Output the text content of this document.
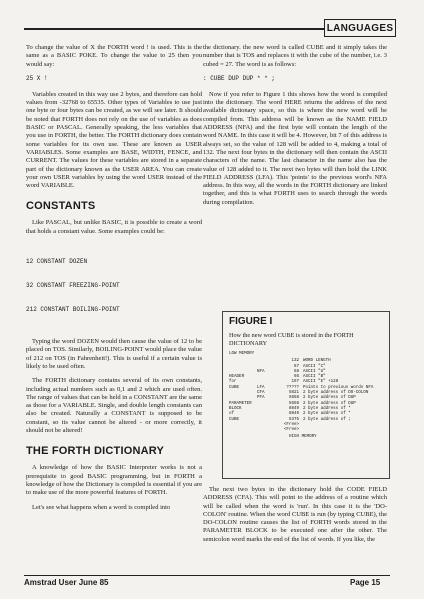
LANGUAGES

To change the value of X the FORTH word ! is used. This is the same as a BASIC POKE. To change the value to 25 then you would say:

25 X !

Variables created in this way use 2 bytes, and therefore can hold values from -32768 to 65535. Other types of Variables to use just one byte or four bytes can be created, as we will see later. It should be noted that FORTH does not rely on the use of variables as does BASIC or PASCAL. Generally speaking, the less variables that you use in FORTH, the better. The FORTH dictionary does contain some variables for its own use. These are known as USER VARIABLES. Some examples are BASE, WIDTH, FENCE, and CURRENT. The values for these variables are stored in a separate part of the dictionary known as the USER AREA. You can create your own USER variables by using the word USER instead of the word VARIABLE.

CONSTANTS

Like PASCAL, but unlike BASIC, it is possible to create a word that holds a constant value. Some examples could be:

12 CONSTANT DOZEN

32 CONSTANT FREEZING-POINT

212 CONSTANT BOILING-POINT

Typing the word DOZEN would then cause the value of 12 to be placed on TOS. Similarly, BOILING-POINT would place the value of 212 on TOS (in Fahrenheit!). This is useful if a certain value is likely to be used often.

The FORTH dictionary contains several of its own constants, including actual numbers such as 0,1 and 2 which are used often. The range of values that can be held in a CONSTANT are the same as those for a VARIABLE. Single, and double length constants can also be created. Naturally a CONSTANT is supposed to be constant, so its value cannot be altered - or more correctly, it should not be altered!

THE FORTH DICTIONARY

A knowledge of how the BASIC Interpreter works is not a prerequisite to good BASIC programming, but in FORTH a knowledge of how the Dictionary is compiled is essential if you are to make use of the more powerful features of FORTH.

Let's see what happens when a word is compiled into

the dictionary. the new word is called CUBE and it simply takes the number that is TOS and replaces it with the cube of the number, i.e. 3 cubed = 27. The word is as follows:

: CUBE DUP DUP * * ;

Now if you refer to Figure 1 this shows how the word is compiled into the dictionary. The word HERE returns the address of the next available dictionary space, so this is where the new word will be compiled from. This address will be known as the NAME FIELD ADDRESS (NFA) and the first byte will contain the length of the word NAME. In this case it will be 4. However, bit 7 of this address is always set, so the value of 128 will be added to 4, making a total of 132. The next four bytes in the dictionary will then contain the ASCII characters of the name. The last character in the name also has the value of 128 added to it. The next two bytes will then hold the LINK FIELD ADDRESS (LFA). This 'points' to the previous word's NFA address. In this way, all the words in the FORTH dictionary are linked together, and this is what FORTH uses to search through the words during compilation.

FIGURE I
How the new word CUBE is stored in the FORTH DICTIONARY
LOW MEMORY
132 WORD LENGTH
67 ASCII "C"
NFA	58 ASCII "U"
HEADER	66 ASCII "B"
for	197 ASCII "E" +128
CUBE	LFA	????? Points to previous words NFA
CFA	5821 2 byte address of DO-COLON
PFA	5658 2 byte address of DUP
PARAMETER	5658 2 byte address of DUP
BLOCK	8849 2 byte address of *
of	8849 2 byte address of *
CUBE	5375 2 byte address of ;
<Free>
<Free>
HIGH MEMORY

The next two bytes in the dictionary hold the CODE FIELD ADDRESS (CFA). This will point to the address of a routine which will be called when the word is 'run'. In this case it is the 'DO-COLON' routine. When the word CUBE is run (by typing CUBE), the DO-COLON routine causes the list of FORTH words stored in the PARAMETER BLOCK to be executed one after the other. The semicolon word marks the end of the list of words. If you like, the

Amstrad User June 85	Page 15
